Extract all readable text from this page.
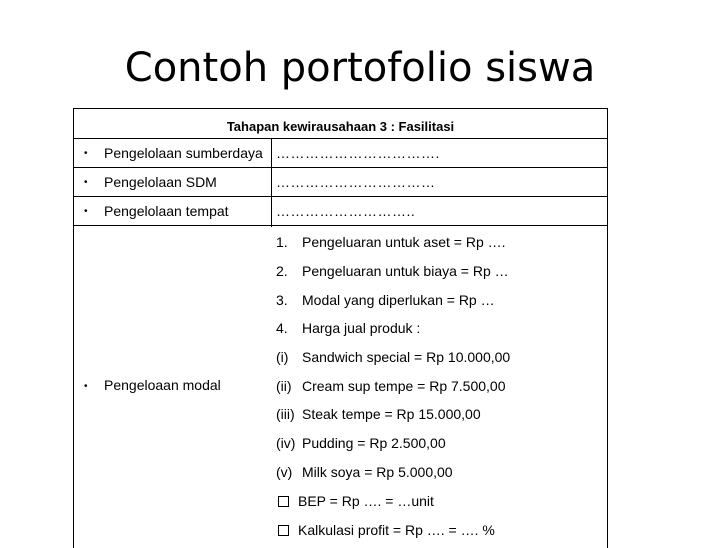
Contoh portofolio siswa
Tahapan kewirausahaan 3 : Fasilitasi
• Pengelolaan sumberdaya …………………………….
• Pengelolaan SDM	……………………………
• Pengelolaan tempat	………………………..
• Pengeloaan modal
1. Pengeluaran untuk aset = Rp ….
2. Pengeluaran untuk biaya = Rp …
3. Modal yang diperlukan = Rp …
4. Harga jual produk :
(i) Sandwich special = Rp 10.000,00
(ii) Cream sup tempe = Rp 7.500,00
(iii) Steak tempe = Rp 15.000,00
(iv) Pudding = Rp 2.500,00
(v) Milk soya = Rp 5.000,00
BEP = Rp …. = …unit
Kalkulasi profit = Rp …. = …. %
